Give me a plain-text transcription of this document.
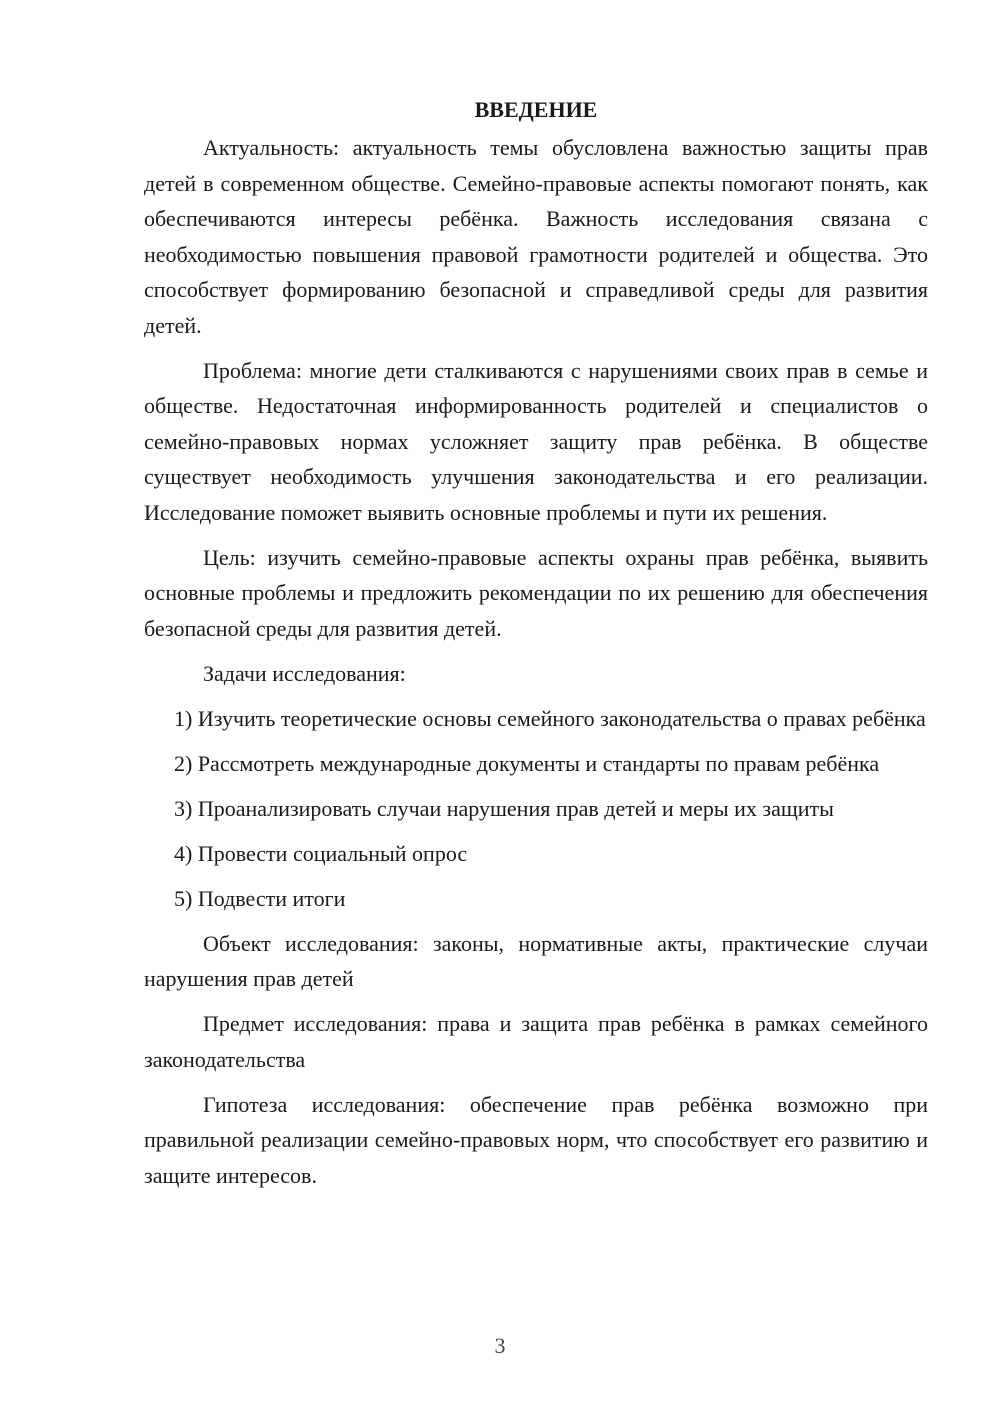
ВВЕДЕНИЕ

Актуальность: актуальность темы обусловлена важностью защиты прав детей в современном обществе. Семейно-правовые аспекты помогают понять, как обеспечиваются интересы ребёнка. Важность исследования связана с необходимостью повышения правовой грамотности родителей и общества. Это способствует формированию безопасной и справедливой среды для развития детей.

Проблема: многие дети сталкиваются с нарушениями своих прав в семье и обществе. Недостаточная информированность родителей и специалистов о семейно-правовых нормах усложняет защиту прав ребёнка. В обществе существует необходимость улучшения законодательства и его реализации. Исследование поможет выявить основные проблемы и пути их решения.

Цель: изучить семейно-правовые аспекты охраны прав ребёнка, выявить основные проблемы и предложить рекомендации по их решению для обеспечения безопасной среды для развития детей.

Задачи исследования:

1) Изучить теоретические основы семейного законодательства о правах ребёнка

2) Рассмотреть международные документы и стандарты по правам ребёнка

3) Проанализировать случаи нарушения прав детей и меры их защиты

4) Провести социальный опрос

5) Подвести итоги

Объект исследования: законы, нормативные акты, практические случаи нарушения прав детей

Предмет исследования: права и защита прав ребёнка в рамках семейного законодательства

Гипотеза исследования: обеспечение прав ребёнка возможно при правильной реализации семейно-правовых норм, что способствует его развитию и защите интересов.

3
